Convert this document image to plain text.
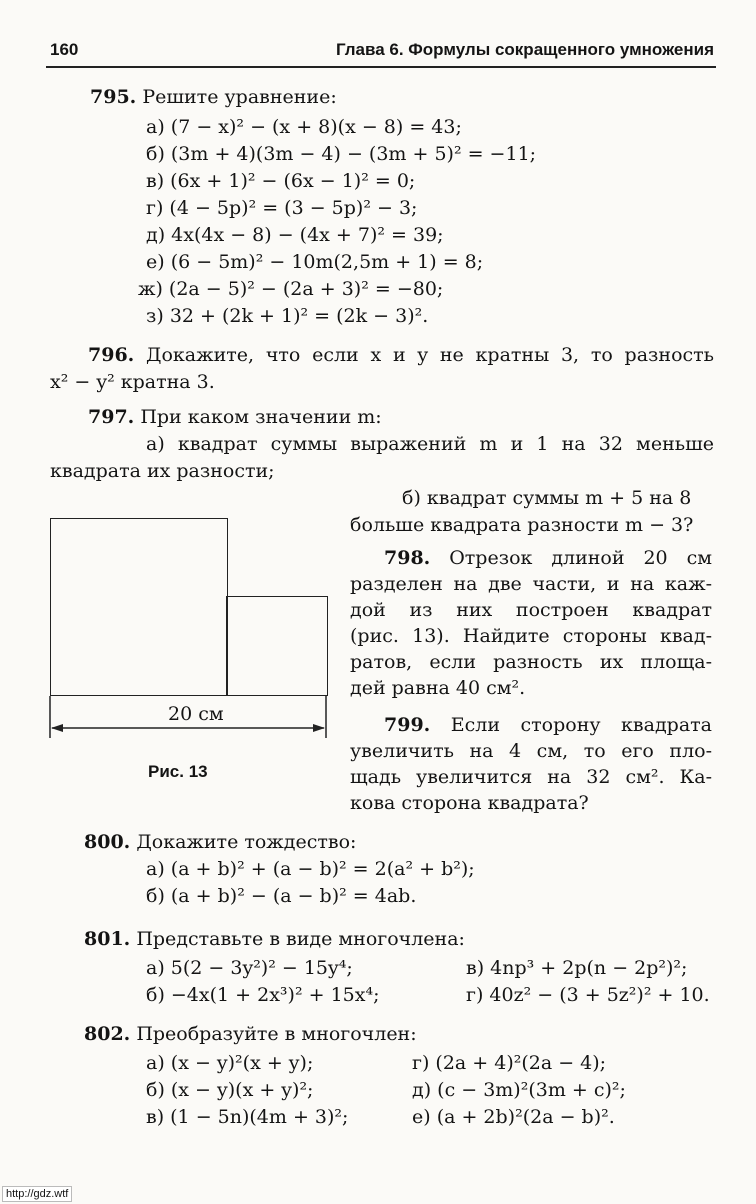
160	Глава 6. Формулы сокращенного умножения
795. Решите уравнение:
а) (7 − x)² − (x + 8)(x − 8) = 43;
б) (3m + 4)(3m − 4) − (3m + 5)² = −11;
в) (6x + 1)² − (6x − 1)² = 0;
г) (4 − 5p)² = (3 − 5p)² − 3;
д) 4x(4x − 8) − (4x + 7)² = 39;
е) (6 − 5m)² − 10m(2,5m + 1) = 8;
ж) (2a − 5)² − (2a + 3)² = −80;
з) 32 + (2k + 1)² = (2k − 3)².
796. Докажите, что если x и y не кратны 3, то разность
x² − y² кратна 3.
797. При каком значении m:
а) квадрат суммы выражений m и 1 на 32 меньше
квадрата их разности;
б) квадрат суммы m + 5 на 8
больше квадрата разности m − 3?
20 см
Рис. 13
798. Отрезок длиной 20 см
разделен на две части, и на каж-
дой из них построен квадрат
(рис. 13). Найдите стороны квад-
ратов, если разность их площа-
дей равна 40 см².
799. Если сторону квадрата
увеличить на 4 см, то его пло-
щадь увеличится на 32 см². Ка-
кова сторона квадрата?
800. Докажите тождество:
а) (a + b)² + (a − b)² = 2(a² + b²);
б) (a + b)² − (a − b)² = 4ab.
801. Представьте в виде многочлена:
а) 5(2 − 3y²)² − 15y⁴;
б) −4x(1 + 2x³)² + 15x⁴;
в) 4np³ + 2p(n − 2p²)²;
г) 40z² − (3 + 5z²)² + 10.
802. Преобразуйте в многочлен:
а) (x − y)²(x + y);
б) (x − y)(x + y)²;
в) (1 − 5n)(4m + 3)²;
г) (2a + 4)²(2a − 4);
д) (c − 3m)²(3m + c)²;
е) (a + 2b)²(2a − b)².
http://gdz.wtf
